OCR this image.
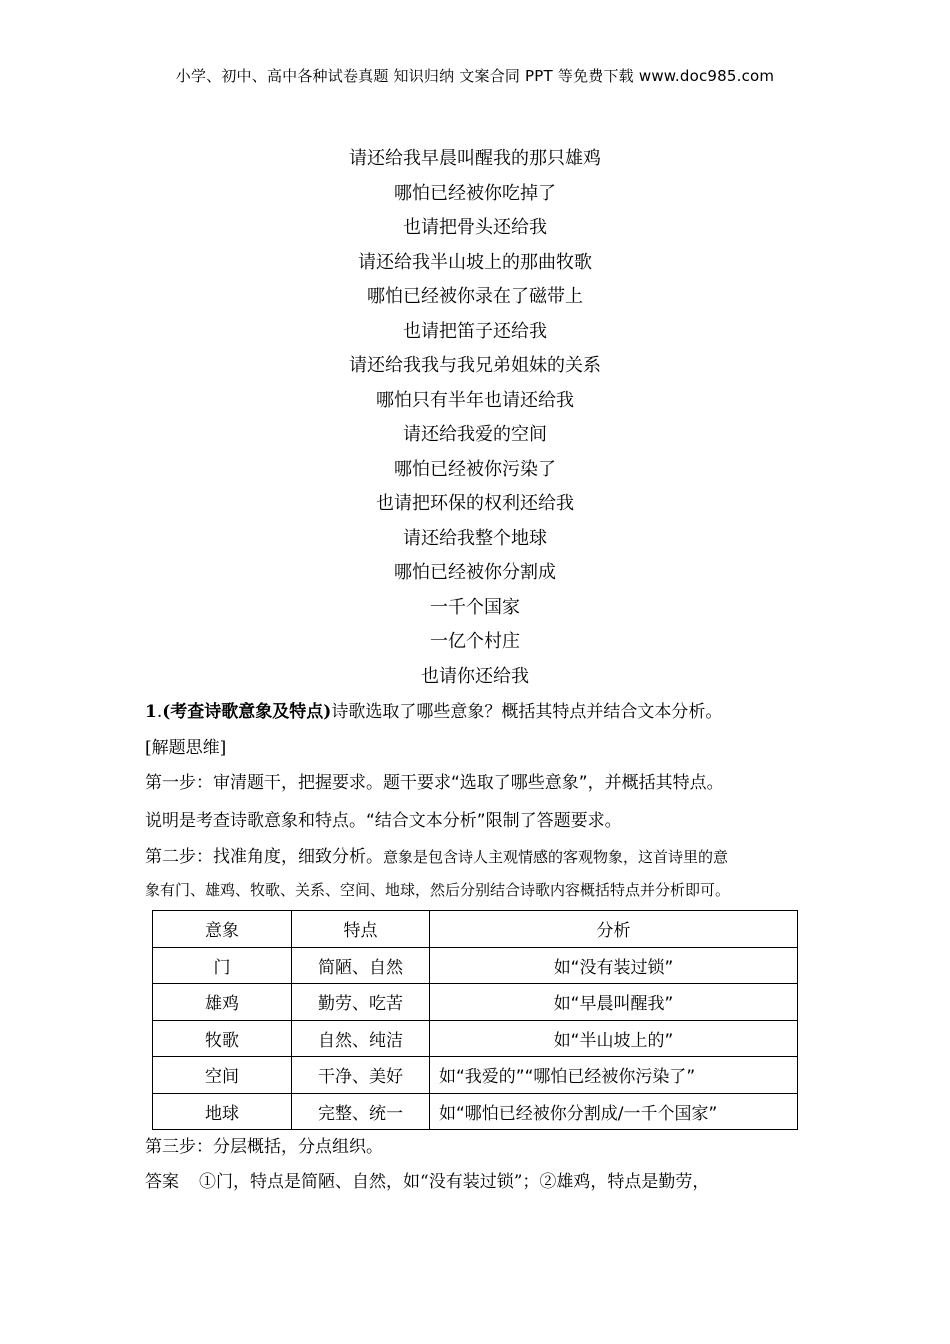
小学、初中、高中各种试卷真题 知识归纳 文案合同 PPT 等免费下载 www.doc985.com
请还给我早晨叫醒我的那只雄鸡
哪怕已经被你吃掉了
也请把骨头还给我
请还给我半山坡上的那曲牧歌
哪怕已经被你录在了磁带上
也请把笛子还给我
请还给我我与我兄弟姐妹的关系
哪怕只有半年也请还给我
请还给我爱的空间
哪怕已经被你污染了
也请把环保的权利还给我
请还给我整个地球
哪怕已经被你分割成
一千个国家
一亿个村庄
也请你还给我
1.(考查诗歌意象及特点)诗歌选取了哪些意象？概括其特点并结合文本分析。
[解题思维]
第一步：审清题干，把握要求。题干要求“选取了哪些意象”，并概括其特点。
说明是考查诗歌意象和特点。“结合文本分析”限制了答题要求。
第二步：找准角度，细致分析。意象是包含诗人主观情感的客观物象，这首诗里的意
象有门、雄鸡、牧歌、关系、空间、地球，然后分别结合诗歌内容概括特点并分析即可。
意象	特点	分析
门	简陋、自然	如“没有装过锁”
雄鸡	勤劳、吃苦	如“早晨叫醒我”
牧歌	自然、纯洁	如“半山坡上的”
空间	干净、美好	如“我爱的”“哪怕已经被你污染了”
地球	完整、统一	如“哪怕已经被你分割成/一千个国家”
第三步：分层概括，分点组织。
答案 ①门，特点是简陋、自然，如“没有装过锁”；②雄鸡，特点是勤劳，
